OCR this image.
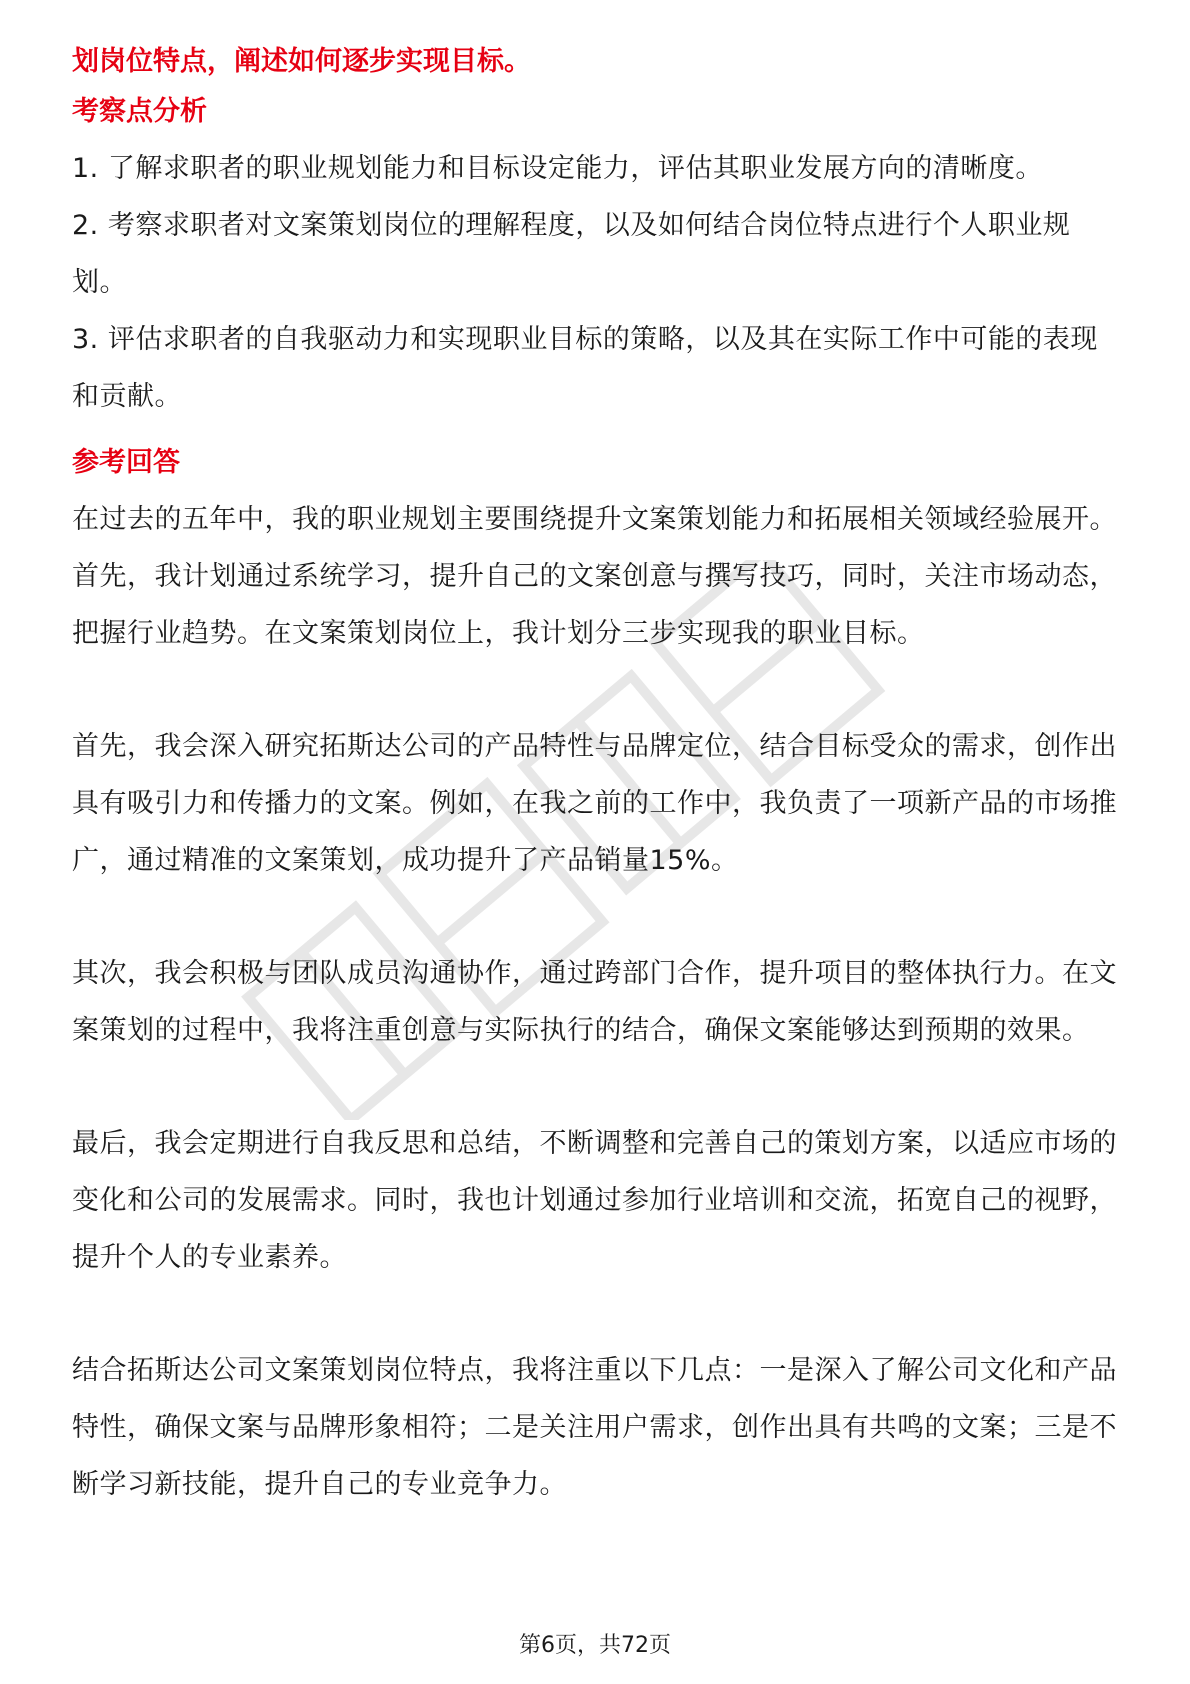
划岗位特点，阐述如何逐步实现目标。

考察点分析

1. 了解求职者的职业规划能力和目标设定能力，评估其职业发展方向的清晰度。

2. 考察求职者对文案策划岗位的理解程度，以及如何结合岗位特点进行个人职业规划。

3. 评估求职者的自我驱动力和实现职业目标的策略，以及其在实际工作中可能的表现和贡献。

参考回答

在过去的五年中，我的职业规划主要围绕提升文案策划能力和拓展相关领域经验展开。首先，我计划通过系统学习，提升自己的文案创意与撰写技巧，同时，关注市场动态，把握行业趋势。在文案策划岗位上，我计划分三步实现我的职业目标。

首先，我会深入研究拓斯达公司的产品特性与品牌定位，结合目标受众的需求，创作出具有吸引力和传播力的文案。例如，在我之前的工作中，我负责了一项新产品的市场推广，通过精准的文案策划，成功提升了产品销量15%。

其次，我会积极与团队成员沟通协作，通过跨部门合作，提升项目的整体执行力。在文案策划的过程中，我将注重创意与实际执行的结合，确保文案能够达到预期的效果。

最后，我会定期进行自我反思和总结，不断调整和完善自己的策划方案，以适应市场的变化和公司的发展需求。同时，我也计划通过参加行业培训和交流，拓宽自己的视野，提升个人的专业素养。

结合拓斯达公司文案策划岗位特点，我将注重以下几点：一是深入了解公司文化和产品特性，确保文案与品牌形象相符；二是关注用户需求，创作出具有共鸣的文案；三是不断学习新技能，提升自己的专业竞争力。

第6页，共72页
